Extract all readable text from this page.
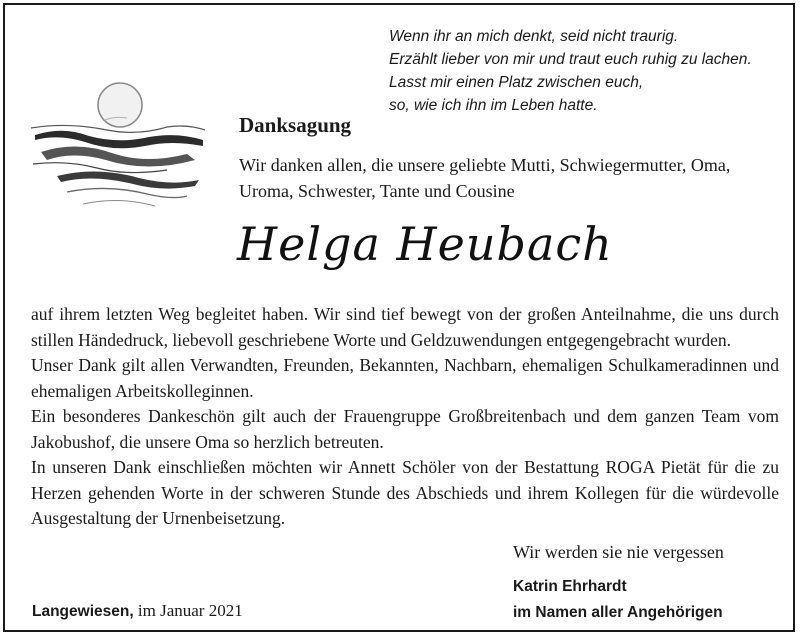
Wenn ihr an mich denkt, seid nicht traurig.
Erzählt lieber von mir und traut euch ruhig zu lachen.
Lasst mir einen Platz zwischen euch,
so, wie ich ihn im Leben hatte.
Danksagung
Wir danken allen, die unsere geliebte Mutti, Schwiegermutter, Oma,
Uroma, Schwester, Tante und Cousine
Helga Heubach

auf ihrem letzten Weg begleitet haben. Wir sind tief bewegt von der großen Anteilnahme, die uns durch stillen Händedruck, liebevoll geschriebene Worte und Geldzuwendungen entgegengebracht wurden.

Unser Dank gilt allen Verwandten, Freunden, Bekannten, Nachbarn, ehemaligen Schulkameradinnen und ehemaligen Arbeitskolleginnen.

Ein besonderes Dankeschön gilt auch der Frauengruppe Großbreitenbach und dem ganzen Team vom Jakobushof, die unsere Oma so herzlich betreuten.

In unseren Dank einschließen möchten wir Annett Schöler von der Bestattung ROGA Pietät für die zu Herzen gehenden Worte in der schweren Stunde des Abschieds und ihrem Kollegen für die würdevolle Ausgestaltung der Urnenbeisetzung.

Wir werden sie nie vergessen
Katrin Ehrhardt
im Namen aller Angehörigen
Langewiesen, im Januar 2021
